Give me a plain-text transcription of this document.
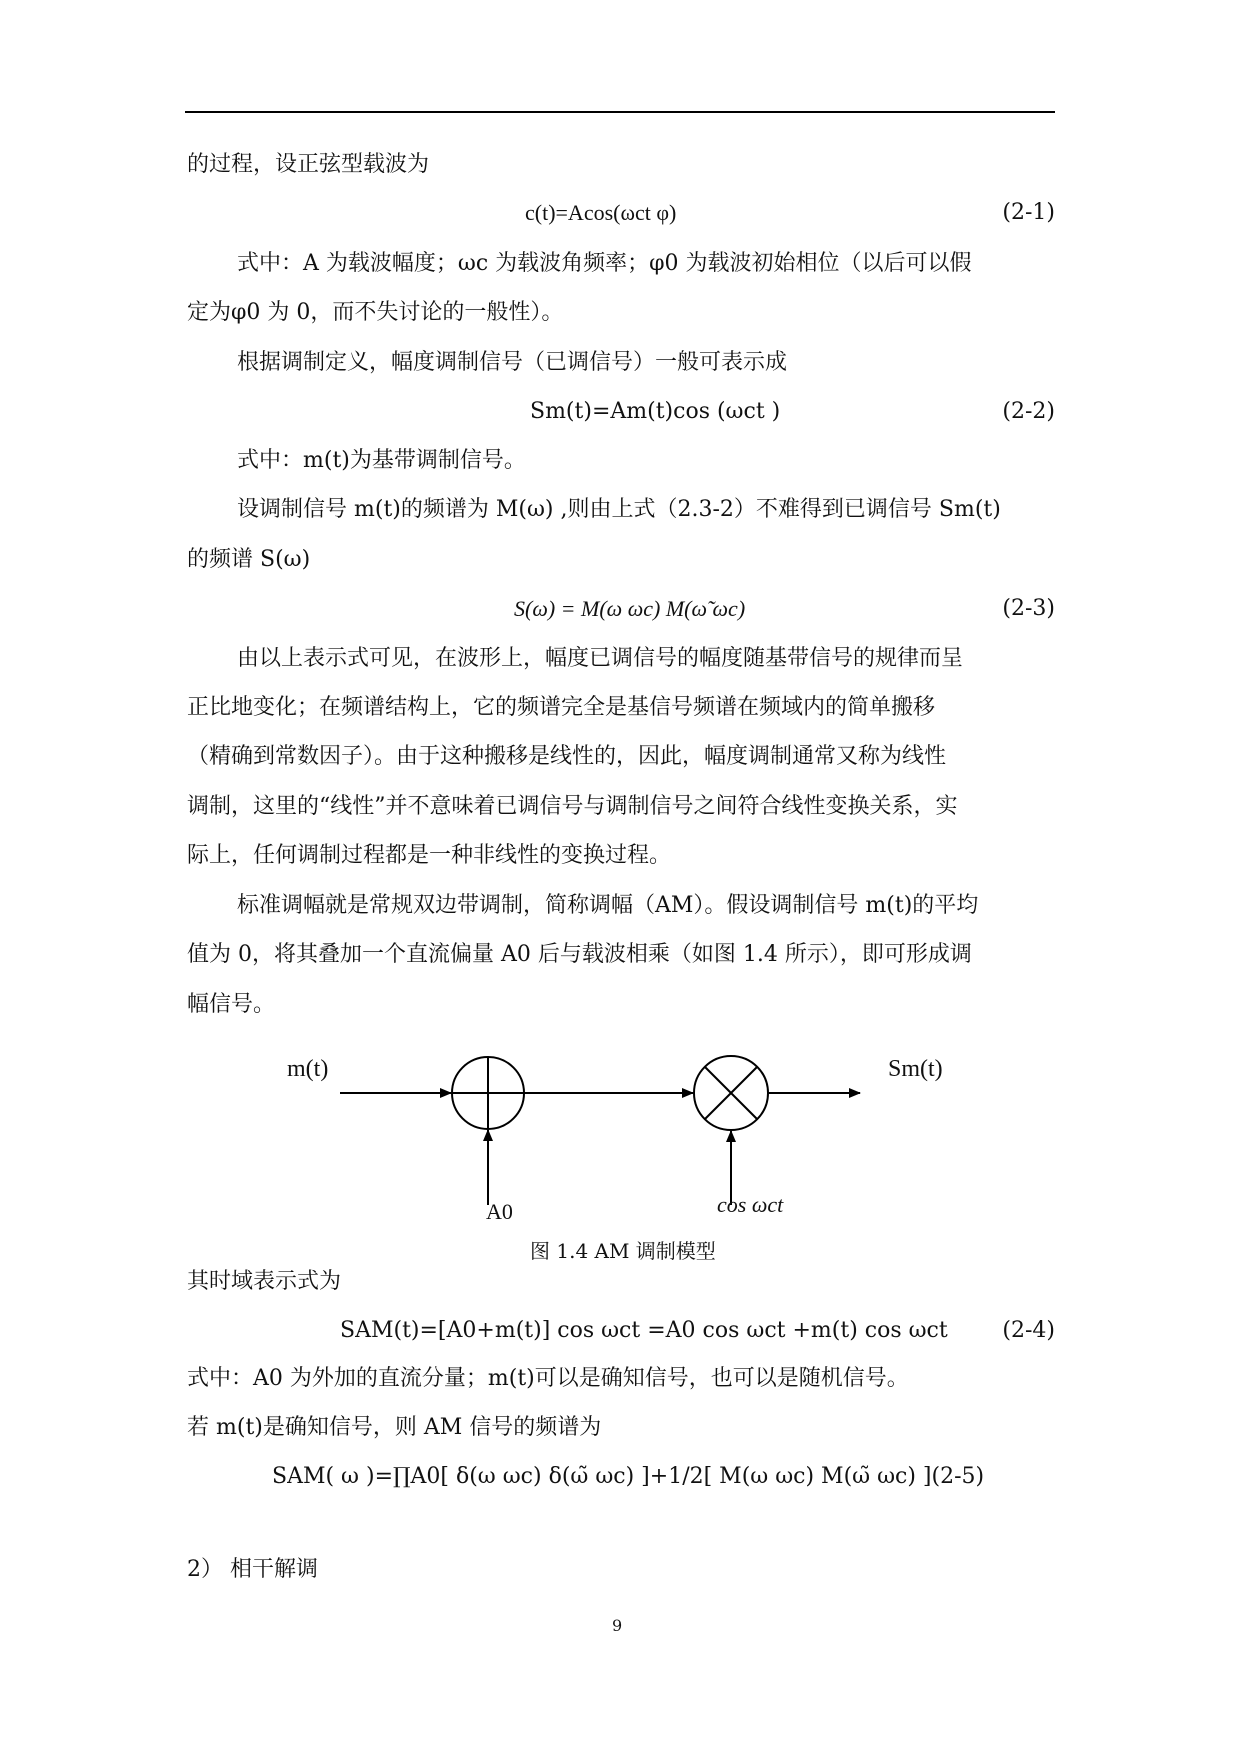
的过程，设正弦型载波为
c(t)=Acos(ωct φ)	(2-1)
式中：A 为载波幅度；ωc 为载波角频率；φ0 为载波初始相位（以后可以假
定为φ0 为 0，而不失讨论的一般性）。
根据调制定义，幅度调制信号（已调信号）一般可表示成
Sm(t)=Am(t)cos (ωct )	(2-2)
式中：m(t)为基带调制信号。
设调制信号 m(t)的频谱为 M(ω) ,则由上式（2.3-2）不难得到已调信号 Sm(t)
的频谱 S(ω)
S(ω) = M(ω ωc) M(ω̃ ωc)	(2-3)
由以上表示式可见，在波形上，幅度已调信号的幅度随基带信号的规律而呈
正比地变化；在频谱结构上，它的频谱完全是基信号频谱在频域内的简单搬移
（精确到常数因子）。由于这种搬移是线性的，因此，幅度调制通常又称为线性
调制，这里的“线性”并不意味着已调信号与调制信号之间符合线性变换关系，实
际上，任何调制过程都是一种非线性的变换过程。
标准调幅就是常规双边带调制，简称调幅（AM）。假设调制信号 m(t)的平均
值为 0，将其叠加一个直流偏量 A0 后与载波相乘（如图 1.4 所示），即可形成调
幅信号。
m(t)	Sm(t)
A0	cos ωct
图 1.4 AM 调制模型
其时域表示式为
SAM(t)=[A0+m(t)] cos ωct =A0 cos ωct +m(t) cos ωct (2-4)
式中：A0 为外加的直流分量；m(t)可以是确知信号，也可以是随机信号。
若 m(t)是确知信号，则 AM 信号的频谱为
SAM( ω )=∏A0[ δ(ω ωc) δ(ω̃ ωc) ]+1/2[ M(ω ωc) M(ω̃ ωc) ](2-5)
2） 相干解调
9
